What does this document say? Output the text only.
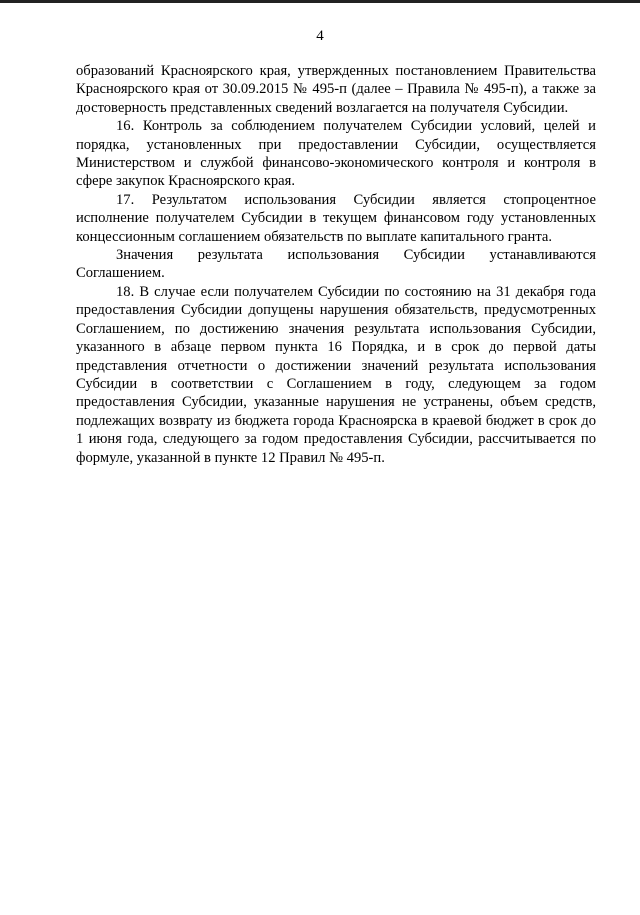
4

образований Красноярского края, утвержденных постановлением Правительства Красноярского края от 30.09.2015 № 495-п (далее – Правила № 495-п), а также за достоверность представленных сведений возлагается на получателя Субсидии.

16. Контроль за соблюдением получателем Субсидии условий, целей и порядка, установленных при предоставлении Субсидии, осуществляется Министерством и службой финансово-экономического контроля и контроля в сфере закупок Красноярского края.

17. Результатом использования Субсидии является стопроцентное исполнение получателем Субсидии в текущем финансовом году установленных концессионным соглашением обязательств по выплате капитального гранта.

Значения результата использования Субсидии устанавливаются Соглашением.

18. В случае если получателем Субсидии по состоянию на 31 декабря года предоставления Субсидии допущены нарушения обязательств, предусмотренных Соглашением, по достижению значения результата использования Субсидии, указанного в абзаце первом пункта 16 Порядка, и в срок до первой даты представления отчетности о достижении значений результата использования Субсидии в соответствии с Соглашением в году, следующем за годом предоставления Субсидии, указанные нарушения не устранены, объем средств, подлежащих возврату из бюджета города Красноярска в краевой бюджет в срок до 1 июня года, следующего за годом предоставления Субсидии, рассчитывается по формуле, указанной в пункте 12 Правил № 495-п.
